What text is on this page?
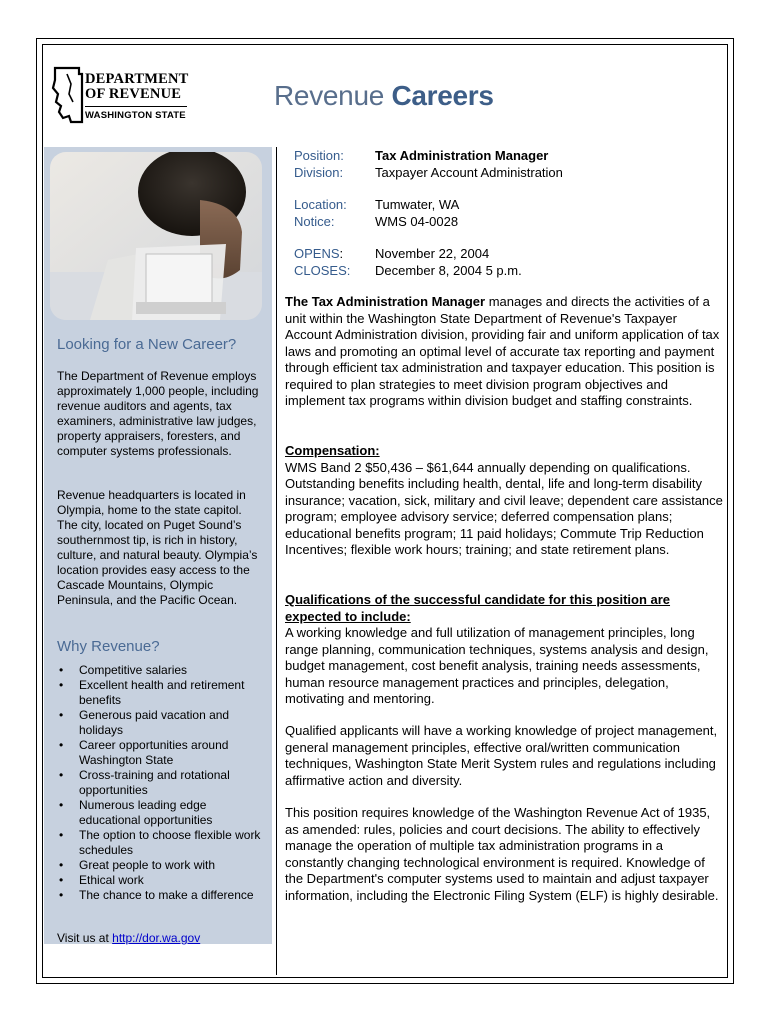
DEPARTMENT
OF REVENUE
WASHINGTON STATE
Revenue Careers
Looking for a New Career?

The Department of Revenue employs approximately 1,000 people, including revenue auditors and agents, tax examiners, administrative law judges, property appraisers, foresters, and computer systems professionals.

Revenue headquarters is located in Olympia, home to the state capitol. The city, located on Puget Sound’s southernmost tip, is rich in history, culture, and natural beauty. Olympia’s location provides easy access to the Cascade Mountains, Olympic Peninsula, and the Pacific Ocean.

Why Revenue?
• Competitive salaries
• Excellent health and retirement benefits
• Generous paid vacation and holidays
• Career opportunities around Washington State
• Cross-training and rotational opportunities
• Numerous leading edge educational opportunities
• The option to choose flexible work schedules
• Great people to work with
• Ethical work
• The chance to make a difference
Visit us at http://dor.wa.gov
Position: Tax Administration Manager
Division: Taxpayer Account Administration
Location: Tumwater, WA
Notice:	WMS 04-0028
OPENS: November 22, 2004
CLOSES: December 8, 2004 5 p.m.

The Tax Administration Manager manages and directs the activities of a unit within the Washington State Department of Revenue's Taxpayer Account Administration division, providing fair and uniform application of tax laws and promoting an optimal level of accurate tax reporting and payment through efficient tax administration and taxpayer education. This position is required to plan strategies to meet division program objectives and implement tax programs within division budget and staffing constraints.

Compensation:
WMS Band 2 $50,436 – $61,644 annually depending on qualifications. Outstanding benefits including health, dental, life and long-term disability insurance; vacation, sick, military and civil leave; dependent care assistance program; employee advisory service; deferred compensation plans; educational benefits program; 11 paid holidays; Commute Trip Reduction Incentives; flexible work hours; training; and state retirement plans.
Qualifications of the successful candidate for this position are expected to include:
A working knowledge and full utilization of management principles, long range planning, communication techniques, systems analysis and design, budget management, cost benefit analysis, training needs assessments, human resource management practices and principles, delegation, motivating and mentoring.

Qualified applicants will have a working knowledge of project management, general management principles, effective oral/written communication techniques, Washington State Merit System rules and regulations including affirmative action and diversity.

This position requires knowledge of the Washington Revenue Act of 1935, as amended: rules, policies and court decisions. The ability to effectively manage the operation of multiple tax administration programs in a constantly changing technological environment is required. Knowledge of the Department's computer systems used to maintain and adjust taxpayer information, including the Electronic Filing System (ELF) is highly desirable.
